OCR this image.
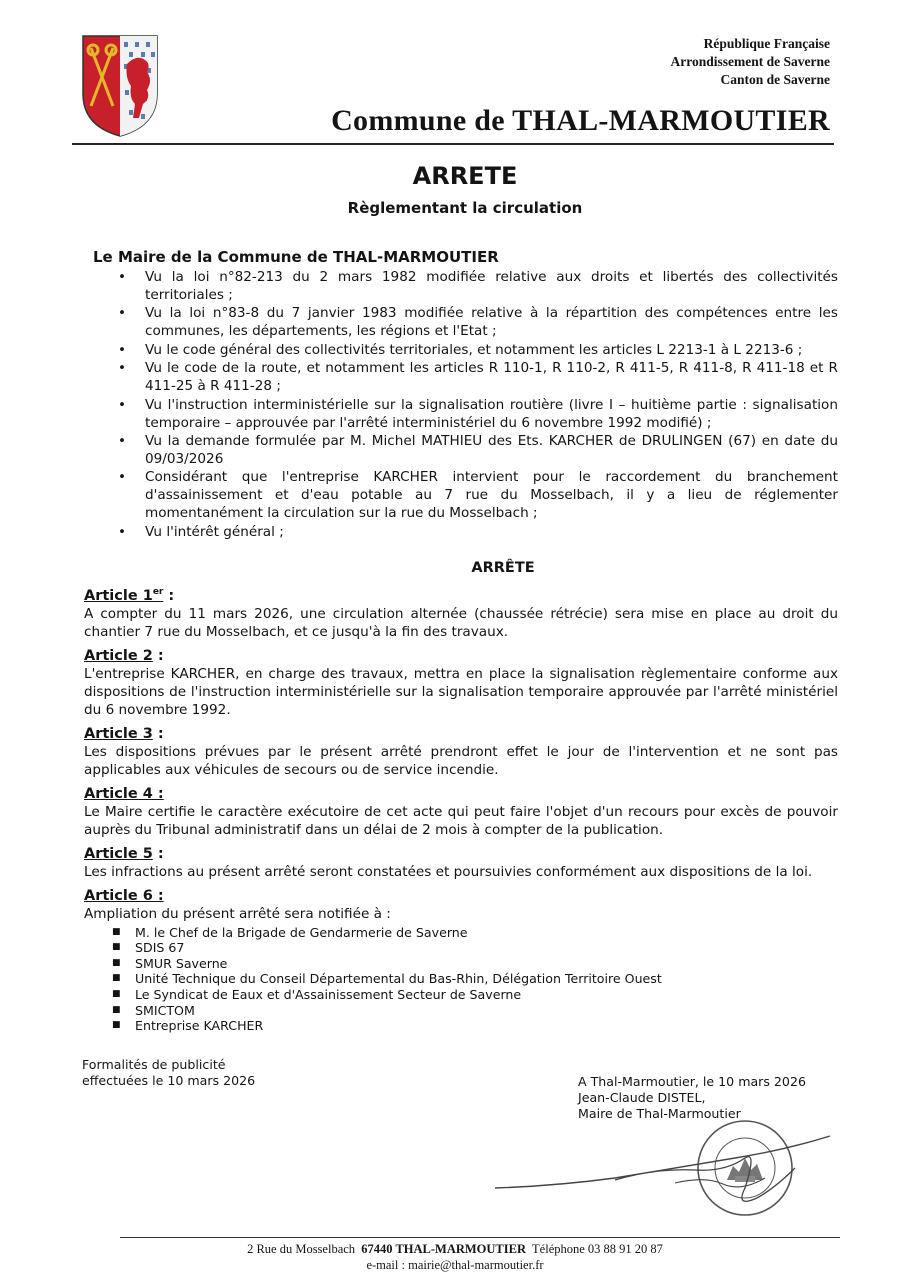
République Française
Arrondissement de Saverne
Canton de Saverne
Commune de THAL-MARMOUTIER
ARRETE
Règlementant la circulation
Le Maire de la Commune de THAL-MARMOUTIER
• Vu la loi n°82-213 du 2 mars 1982 modifiée relative aux droits et libertés des collectivités territoriales ;
• Vu la loi n°83-8 du 7 janvier 1983 modifiée relative à la répartition des compétences entre les communes, les départements, les régions et l'Etat ;
• Vu le code général des collectivités territoriales, et notamment les articles L 2213-1 à L 2213-6 ;
• Vu le code de la route, et notamment les articles R 110-1, R 110-2, R 411-5, R 411-8, R 411-18 et R 411-25 à R 411-28 ;
• Vu l'instruction interministérielle sur la signalisation routière (livre I – huitième partie : signalisation temporaire – approuvée par l'arrêté interministériel du 6 novembre 1992 modifié) ;
• Vu la demande formulée par M. Michel MATHIEU des Ets. KARCHER de DRULINGEN (67) en date du 09/03/2026
• Considérant que l'entreprise KARCHER intervient pour le raccordement du branchement d'assainissement et d'eau potable au 7 rue du Mosselbach, il y a lieu de réglementer momentanément la circulation sur la rue du Mosselbach ;
• Vu l'intérêt général ;
ARRÊTE
Article 1er :
A compter du 11 mars 2026, une circulation alternée (chaussée rétrécie) sera mise en place au droit du chantier 7 rue du Mosselbach, et ce jusqu'à la fin des travaux.
Article 2 :
L'entreprise KARCHER, en charge des travaux, mettra en place la signalisation règlementaire conforme aux dispositions de l'instruction interministérielle sur la signalisation temporaire approuvée par l'arrêté ministériel du 6 novembre 1992.
Article 3 :
Les dispositions prévues par le présent arrêté prendront effet le jour de l'intervention et ne sont pas applicables aux véhicules de secours ou de service incendie.
Article 4 :
Le Maire certifie le caractère exécutoire de cet acte qui peut faire l'objet d'un recours pour excès de pouvoir auprès du Tribunal administratif dans un délai de 2 mois à compter de la publication.
Article 5 :
Les infractions au présent arrêté seront constatées et poursuivies conformément aux dispositions de la loi.
Article 6 :
Ampliation du présent arrêté sera notifiée à :
■ M. le Chef de la Brigade de Gendarmerie de Saverne
■ SDIS 67
■ SMUR Saverne
■ Unité Technique du Conseil Départemental du Bas-Rhin, Délégation Territoire Ouest
■ Le Syndicat de Eaux et d'Assainissement Secteur de Saverne
■ SMICTOM
■ Entreprise KARCHER
Formalités de publicité
effectuées le 10 mars 2026	A Thal-Marmoutier, le 10 mars 2026
Jean-Claude DISTEL,
Maire de Thal-Marmoutier
2 Rue du Mosselbach 67440 THAL-MARMOUTIER Téléphone 03 88 91 20 87
e-mail : mairie@thal-marmoutier.fr
